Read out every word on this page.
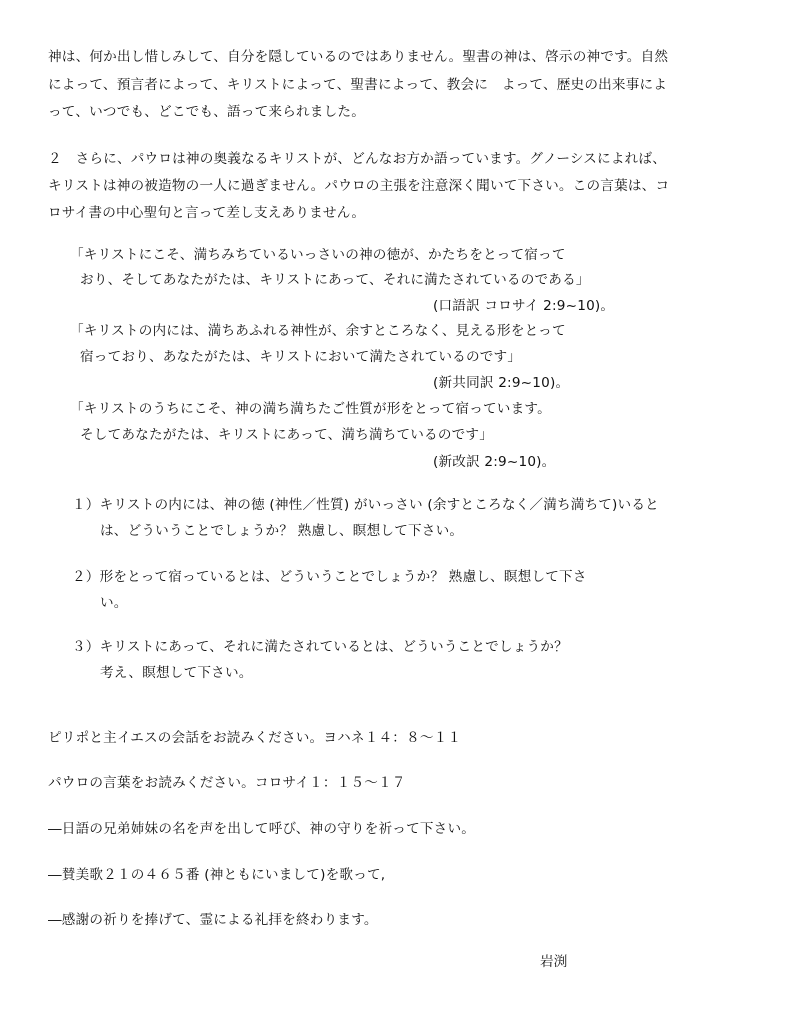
神は、何か出し惜しみして、自分を隠しているのではありません。聖書の神は、啓示の神です。自然
によって、預言者によって、キリストによって、聖書によって、教会に　よって、歴史の出来事によ
って、いつでも、どこでも、語って来られました。
２　さらに、パウロは神の奥義なるキリストが、どんなお方か語っています。グノーシスによれば、
キリストは神の被造物の一人に過ぎません。パウロの主張を注意深く聞いて下さい。この言葉は、コ
ロサイ書の中心聖句と言って差し支えありません。
「キリストにこそ、満ちみちているいっさいの神の徳が、かたちをとって宿って
おり、そしてあなたがたは、キリストにあって、それに満たされているのである」
(口語訳 コロサイ 2:9~10)。
「キリストの内には、満ちあふれる神性が、余すところなく、見える形をとって
宿っており、あなたがたは、キリストにおいて満たされているのです」
(新共同訳 2:9~10)。
「キリストのうちにこそ、神の満ち満ちたご性質が形をとって宿っています。
そしてあなたがたは、キリストにあって、満ち満ちているのです」
(新改訳 2:9~10)。
１）キリストの内には、神の徳 (神性／性質) がいっさい (余すところなく／満ち満ちて)いると
は、どういうことでしょうか？ 熟慮し、瞑想して下さい。
２）形をとって宿っているとは、どういうことでしょうか？ 熟慮し、瞑想して下さ
い。
３）キリストにあって、それに満たされているとは、どういうことでしょうか？
考え、瞑想して下さい。
ピリポと主イエスの会話をお読みください。ヨハネ１４：８～１１
パウロの言葉をお読みください。コロサイ１：１５～１７
―日語の兄弟姉妹の名を声を出して呼び、神の守りを祈って下さい。
―賛美歌２１の４６５番 (神ともにいまして)を歌って,
―感謝の祈りを捧げて、霊による礼拝を終わります。
岩渕
